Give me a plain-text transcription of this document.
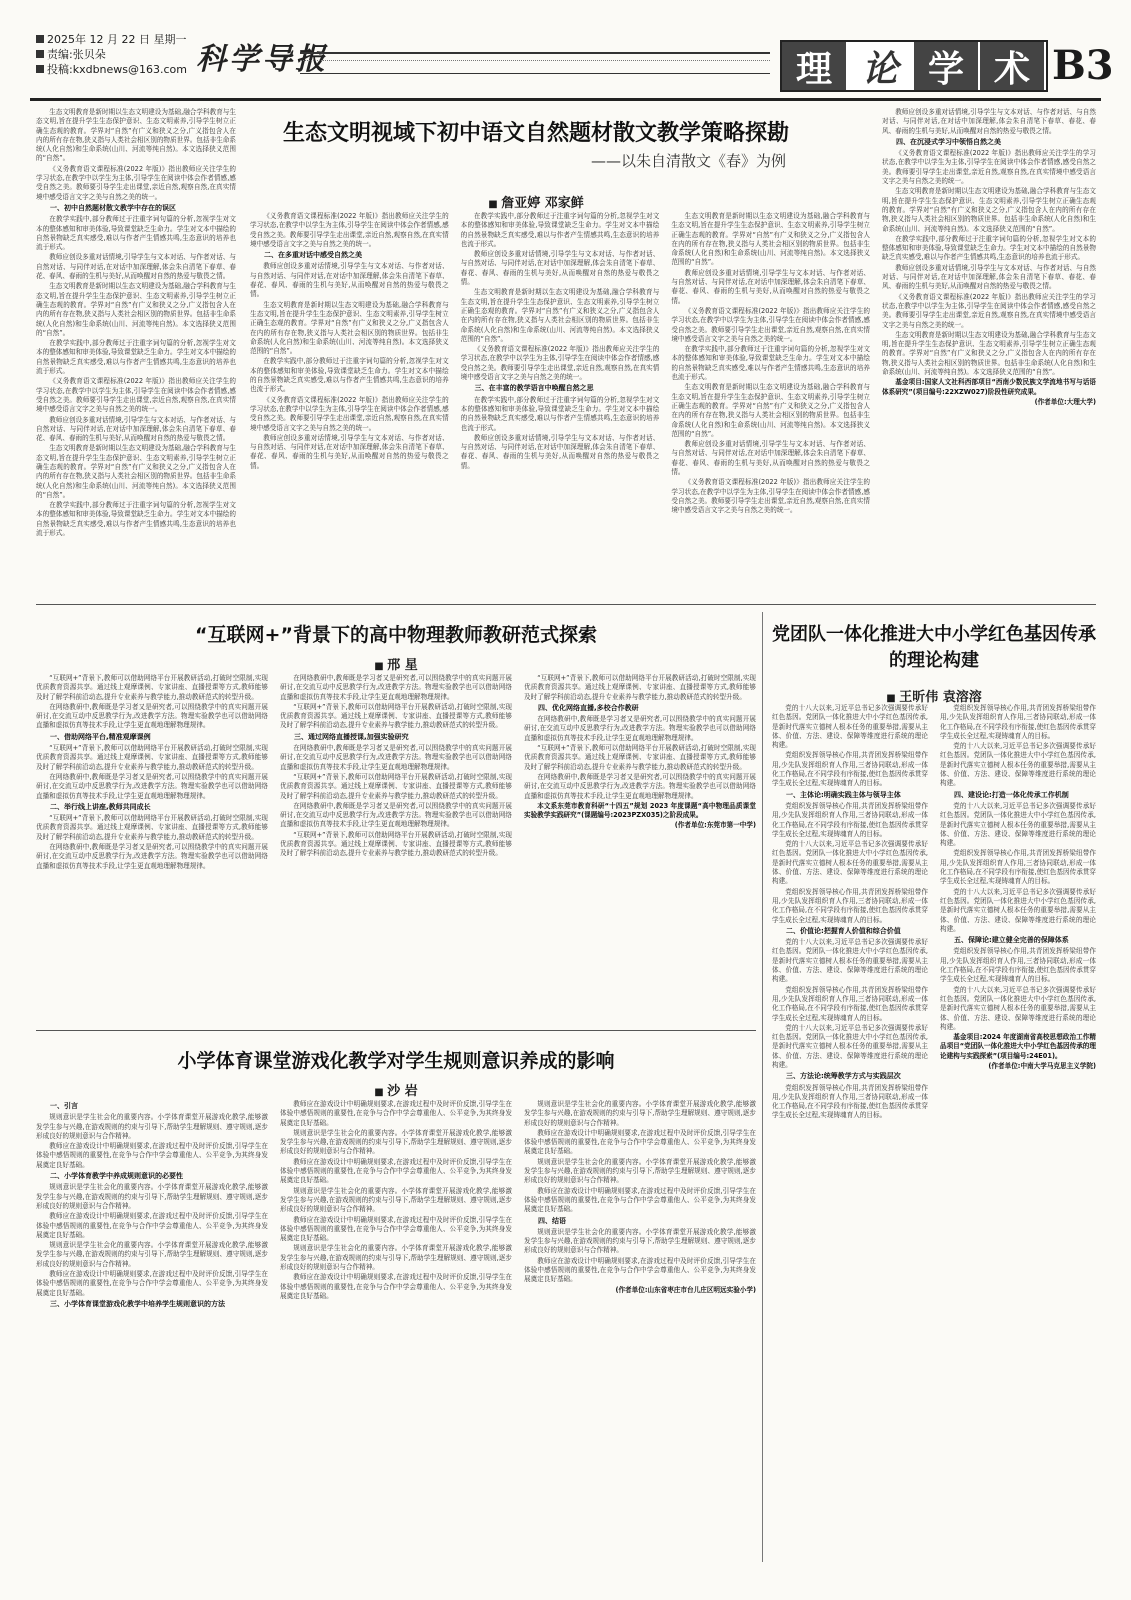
2025年 12 月 22 日 星期一
责编:张贝朵
投稿:kxdbnews@163.com 科学导报	理 论 学 术 B3
生态文明视域下初中语文自然题材散文教学策略探勘
——以朱自清散文《春》为例
■ 詹亚婷 邓家鲜

生态文明教育是新时期以生态文明建设为基础,融合学科教育与生态文明,旨在提升学生生态保护意识、生态文明素养,引导学生树立正确生态观的教育。学界对“自然”有广义和狭义之分,广义指包含人在内的所有存在物,狭义指与人类社会相区别的物质世界。包括非生命系统(人化自然)和生命系统(山川、河流等纯自然)。本文选择狭义范围的“自然”。

《义务教育语文课程标准(2022 年版)》指出教师应关注学生的学习状态,在教学中以学生为主体,引导学生在阅读中体会作者情感,感受自然之美。教师要引导学生走出课堂,亲近自然,观察自然,在真实情境中感受语言文字之美与自然之美的统一。

一、初中自然题材散文教学中存在的误区

在教学实践中,部分教师过于注重字词句篇的分析,忽视学生对文本的整体感知和审美体验,导致课堂缺乏生命力。学生对文本中描绘的自然景物缺乏真实感受,难以与作者产生情感共鸣,生态意识的培养也流于形式。

教师应创设多重对话情境,引导学生与文本对话、与作者对话、与自然对话、与同伴对话,在对话中加深理解,体会朱自清笔下春草、春花、春风、春雨的生机与美好,从而唤醒对自然的热爱与敬畏之情。

生态文明教育是新时期以生态文明建设为基础,融合学科教育与生态文明,旨在提升学生生态保护意识、生态文明素养,引导学生树立正确生态观的教育。学界对“自然”有广义和狭义之分,广义指包含人在内的所有存在物,狭义指与人类社会相区别的物质世界。包括非生命系统(人化自然)和生命系统(山川、河流等纯自然)。本文选择狭义范围的“自然”。

在教学实践中,部分教师过于注重字词句篇的分析,忽视学生对文本的整体感知和审美体验,导致课堂缺乏生命力。学生对文本中描绘的自然景物缺乏真实感受,难以与作者产生情感共鸣,生态意识的培养也流于形式。

《义务教育语文课程标准(2022 年版)》指出教师应关注学生的学习状态,在教学中以学生为主体,引导学生在阅读中体会作者情感,感受自然之美。教师要引导学生走出课堂,亲近自然,观察自然,在真实情境中感受语言文字之美与自然之美的统一。

教师应创设多重对话情境,引导学生与文本对话、与作者对话、与自然对话、与同伴对话,在对话中加深理解,体会朱自清笔下春草、春花、春风、春雨的生机与美好,从而唤醒对自然的热爱与敬畏之情。

生态文明教育是新时期以生态文明建设为基础,融合学科教育与生态文明,旨在提升学生生态保护意识、生态文明素养,引导学生树立正确生态观的教育。学界对“自然”有广义和狭义之分,广义指包含人在内的所有存在物,狭义指与人类社会相区别的物质世界。包括非生命系统(人化自然)和生命系统(山川、河流等纯自然)。本文选择狭义范围的“自然”。

在教学实践中,部分教师过于注重字词句篇的分析,忽视学生对文本的整体感知和审美体验,导致课堂缺乏生命力。学生对文本中描绘的自然景物缺乏真实感受,难以与作者产生情感共鸣,生态意识的培养也流于形式。

《义务教育语文课程标准(2022 年版)》指出教师应关注学生的学习状态,在教学中以学生为主体,引导学生在阅读中体会作者情感,感受自然之美。教师要引导学生走出课堂,亲近自然,观察自然,在真实情境中感受语言文字之美与自然之美的统一。

二、在多重对话中感受自然之美

教师应创设多重对话情境,引导学生与文本对话、与作者对话、与自然对话、与同伴对话,在对话中加深理解,体会朱自清笔下春草、春花、春风、春雨的生机与美好,从而唤醒对自然的热爱与敬畏之情。

生态文明教育是新时期以生态文明建设为基础,融合学科教育与生态文明,旨在提升学生生态保护意识、生态文明素养,引导学生树立正确生态观的教育。学界对“自然”有广义和狭义之分,广义指包含人在内的所有存在物,狭义指与人类社会相区别的物质世界。包括非生命系统(人化自然)和生命系统(山川、河流等纯自然)。本文选择狭义范围的“自然”。

在教学实践中,部分教师过于注重字词句篇的分析,忽视学生对文本的整体感知和审美体验,导致课堂缺乏生命力。学生对文本中描绘的自然景物缺乏真实感受,难以与作者产生情感共鸣,生态意识的培养也流于形式。

《义务教育语文课程标准(2022 年版)》指出教师应关注学生的学习状态,在教学中以学生为主体,引导学生在阅读中体会作者情感,感受自然之美。教师要引导学生走出课堂,亲近自然,观察自然,在真实情境中感受语言文字之美与自然之美的统一。

教师应创设多重对话情境,引导学生与文本对话、与作者对话、与自然对话、与同伴对话,在对话中加深理解,体会朱自清笔下春草、春花、春风、春雨的生机与美好,从而唤醒对自然的热爱与敬畏之情。

在教学实践中,部分教师过于注重字词句篇的分析,忽视学生对文本的整体感知和审美体验,导致课堂缺乏生命力。学生对文本中描绘的自然景物缺乏真实感受,难以与作者产生情感共鸣,生态意识的培养也流于形式。

教师应创设多重对话情境,引导学生与文本对话、与作者对话、与自然对话、与同伴对话,在对话中加深理解,体会朱自清笔下春草、春花、春风、春雨的生机与美好,从而唤醒对自然的热爱与敬畏之情。

生态文明教育是新时期以生态文明建设为基础,融合学科教育与生态文明,旨在提升学生生态保护意识、生态文明素养,引导学生树立正确生态观的教育。学界对“自然”有广义和狭义之分,广义指包含人在内的所有存在物,狭义指与人类社会相区别的物质世界。包括非生命系统(人化自然)和生命系统(山川、河流等纯自然)。本文选择狭义范围的“自然”。

《义务教育语文课程标准(2022 年版)》指出教师应关注学生的学习状态,在教学中以学生为主体,引导学生在阅读中体会作者情感,感受自然之美。教师要引导学生走出课堂,亲近自然,观察自然,在真实情境中感受语言文字之美与自然之美的统一。

三、在丰富的教学语言中唤醒自然之思

在教学实践中,部分教师过于注重字词句篇的分析,忽视学生对文本的整体感知和审美体验,导致课堂缺乏生命力。学生对文本中描绘的自然景物缺乏真实感受,难以与作者产生情感共鸣,生态意识的培养也流于形式。

教师应创设多重对话情境,引导学生与文本对话、与作者对话、与自然对话、与同伴对话,在对话中加深理解,体会朱自清笔下春草、春花、春风、春雨的生机与美好,从而唤醒对自然的热爱与敬畏之情。

生态文明教育是新时期以生态文明建设为基础,融合学科教育与生态文明,旨在提升学生生态保护意识、生态文明素养,引导学生树立正确生态观的教育。学界对“自然”有广义和狭义之分,广义指包含人在内的所有存在物,狭义指与人类社会相区别的物质世界。包括非生命系统(人化自然)和生命系统(山川、河流等纯自然)。本文选择狭义范围的“自然”。

教师应创设多重对话情境,引导学生与文本对话、与作者对话、与自然对话、与同伴对话,在对话中加深理解,体会朱自清笔下春草、春花、春风、春雨的生机与美好,从而唤醒对自然的热爱与敬畏之情。

《义务教育语文课程标准(2022 年版)》指出教师应关注学生的学习状态,在教学中以学生为主体,引导学生在阅读中体会作者情感,感受自然之美。教师要引导学生走出课堂,亲近自然,观察自然,在真实情境中感受语言文字之美与自然之美的统一。

在教学实践中,部分教师过于注重字词句篇的分析,忽视学生对文本的整体感知和审美体验,导致课堂缺乏生命力。学生对文本中描绘的自然景物缺乏真实感受,难以与作者产生情感共鸣,生态意识的培养也流于形式。

生态文明教育是新时期以生态文明建设为基础,融合学科教育与生态文明,旨在提升学生生态保护意识、生态文明素养,引导学生树立正确生态观的教育。学界对“自然”有广义和狭义之分,广义指包含人在内的所有存在物,狭义指与人类社会相区别的物质世界。包括非生命系统(人化自然)和生命系统(山川、河流等纯自然)。本文选择狭义范围的“自然”。

教师应创设多重对话情境,引导学生与文本对话、与作者对话、与自然对话、与同伴对话,在对话中加深理解,体会朱自清笔下春草、春花、春风、春雨的生机与美好,从而唤醒对自然的热爱与敬畏之情。

《义务教育语文课程标准(2022 年版)》指出教师应关注学生的学习状态,在教学中以学生为主体,引导学生在阅读中体会作者情感,感受自然之美。教师要引导学生走出课堂,亲近自然,观察自然,在真实情境中感受语言文字之美与自然之美的统一。

教师应创设多重对话情境,引导学生与文本对话、与作者对话、与自然对话、与同伴对话,在对话中加深理解,体会朱自清笔下春草、春花、春风、春雨的生机与美好,从而唤醒对自然的热爱与敬畏之情。

四、在沉浸式学习中领悟自然之美

《义务教育语文课程标准(2022 年版)》指出教师应关注学生的学习状态,在教学中以学生为主体,引导学生在阅读中体会作者情感,感受自然之美。教师要引导学生走出课堂,亲近自然,观察自然,在真实情境中感受语言文字之美与自然之美的统一。

生态文明教育是新时期以生态文明建设为基础,融合学科教育与生态文明,旨在提升学生生态保护意识、生态文明素养,引导学生树立正确生态观的教育。学界对“自然”有广义和狭义之分,广义指包含人在内的所有存在物,狭义指与人类社会相区别的物质世界。包括非生命系统(人化自然)和生命系统(山川、河流等纯自然)。本文选择狭义范围的“自然”。

在教学实践中,部分教师过于注重字词句篇的分析,忽视学生对文本的整体感知和审美体验,导致课堂缺乏生命力。学生对文本中描绘的自然景物缺乏真实感受,难以与作者产生情感共鸣,生态意识的培养也流于形式。

教师应创设多重对话情境,引导学生与文本对话、与作者对话、与自然对话、与同伴对话,在对话中加深理解,体会朱自清笔下春草、春花、春风、春雨的生机与美好,从而唤醒对自然的热爱与敬畏之情。

《义务教育语文课程标准(2022 年版)》指出教师应关注学生的学习状态,在教学中以学生为主体,引导学生在阅读中体会作者情感,感受自然之美。教师要引导学生走出课堂,亲近自然,观察自然,在真实情境中感受语言文字之美与自然之美的统一。

生态文明教育是新时期以生态文明建设为基础,融合学科教育与生态文明,旨在提升学生生态保护意识、生态文明素养,引导学生树立正确生态观的教育。学界对“自然”有广义和狭义之分,广义指包含人在内的所有存在物,狭义指与人类社会相区别的物质世界。包括非生命系统(人化自然)和生命系统(山川、河流等纯自然)。本文选择狭义范围的“自然”。

基金项目:国家人文社科西部项目“西南少数民族文学流地书写与话语体系研究”(项目编号:22XZW027)阶段性研究成果。

(作者单位:大理大学)

“互联网+”背景下的高中物理教师教研范式探索
■ 邢 星

“互联网+”背景下,教师可以借助网络平台开展教研活动,打破时空限制,实现优质教育资源共享。通过线上观摩课例、专家讲座、直播授课等方式,教师能够及时了解学科前沿动态,提升专业素养与教学能力,推动教研范式的转型升级。

在网络教研中,教师既是学习者又是研究者,可以围绕教学中的真实问题开展研讨,在交流互动中反思教学行为,改进教学方法。物理实验教学也可以借助网络直播和虚拟仿真等技术手段,让学生更直观地理解物理规律。

一、借助网络平台,精准观摩课例

“互联网+”背景下,教师可以借助网络平台开展教研活动,打破时空限制,实现优质教育资源共享。通过线上观摩课例、专家讲座、直播授课等方式,教师能够及时了解学科前沿动态,提升专业素养与教学能力,推动教研范式的转型升级。

在网络教研中,教师既是学习者又是研究者,可以围绕教学中的真实问题开展研讨,在交流互动中反思教学行为,改进教学方法。物理实验教学也可以借助网络直播和虚拟仿真等技术手段,让学生更直观地理解物理规律。

二、举行线上讲座,教师共同成长

“互联网+”背景下,教师可以借助网络平台开展教研活动,打破时空限制,实现优质教育资源共享。通过线上观摩课例、专家讲座、直播授课等方式,教师能够及时了解学科前沿动态,提升专业素养与教学能力,推动教研范式的转型升级。

在网络教研中,教师既是学习者又是研究者,可以围绕教学中的真实问题开展研讨,在交流互动中反思教学行为,改进教学方法。物理实验教学也可以借助网络直播和虚拟仿真等技术手段,让学生更直观地理解物理规律。

在网络教研中,教师既是学习者又是研究者,可以围绕教学中的真实问题开展研讨,在交流互动中反思教学行为,改进教学方法。物理实验教学也可以借助网络直播和虚拟仿真等技术手段,让学生更直观地理解物理规律。

“互联网+”背景下,教师可以借助网络平台开展教研活动,打破时空限制,实现优质教育资源共享。通过线上观摩课例、专家讲座、直播授课等方式,教师能够及时了解学科前沿动态,提升专业素养与教学能力,推动教研范式的转型升级。

三、通过网络直播授课,加强实验研究

在网络教研中,教师既是学习者又是研究者,可以围绕教学中的真实问题开展研讨,在交流互动中反思教学行为,改进教学方法。物理实验教学也可以借助网络直播和虚拟仿真等技术手段,让学生更直观地理解物理规律。

“互联网+”背景下,教师可以借助网络平台开展教研活动,打破时空限制,实现优质教育资源共享。通过线上观摩课例、专家讲座、直播授课等方式,教师能够及时了解学科前沿动态,提升专业素养与教学能力,推动教研范式的转型升级。

在网络教研中,教师既是学习者又是研究者,可以围绕教学中的真实问题开展研讨,在交流互动中反思教学行为,改进教学方法。物理实验教学也可以借助网络直播和虚拟仿真等技术手段,让学生更直观地理解物理规律。

“互联网+”背景下,教师可以借助网络平台开展教研活动,打破时空限制,实现优质教育资源共享。通过线上观摩课例、专家讲座、直播授课等方式,教师能够及时了解学科前沿动态,提升专业素养与教学能力,推动教研范式的转型升级。

“互联网+”背景下,教师可以借助网络平台开展教研活动,打破时空限制,实现优质教育资源共享。通过线上观摩课例、专家讲座、直播授课等方式,教师能够及时了解学科前沿动态,提升专业素养与教学能力,推动教研范式的转型升级。

四、优化网络直播,多校合作教研

在网络教研中,教师既是学习者又是研究者,可以围绕教学中的真实问题开展研讨,在交流互动中反思教学行为,改进教学方法。物理实验教学也可以借助网络直播和虚拟仿真等技术手段,让学生更直观地理解物理规律。

“互联网+”背景下,教师可以借助网络平台开展教研活动,打破时空限制,实现优质教育资源共享。通过线上观摩课例、专家讲座、直播授课等方式,教师能够及时了解学科前沿动态,提升专业素养与教学能力,推动教研范式的转型升级。

在网络教研中,教师既是学习者又是研究者,可以围绕教学中的真实问题开展研讨,在交流互动中反思教学行为,改进教学方法。物理实验教学也可以借助网络直播和虚拟仿真等技术手段,让学生更直观地理解物理规律。

本文系东莞市教育科研“十四五”规划 2023 年度课题“高中物理品质课堂实验教学实践研究”(课题编号:2023PZX035)之阶段成果。

(作者单位:东莞市第一中学)

党团队一体化推进大中小学红色基因传承的理论构建
■ 王昕伟 袁溶溶

党的十八大以来,习近平总书记多次强调要传承好红色基因。党团队一体化推进大中小学红色基因传承,是新时代落实立德树人根本任务的重要举措,需要从主体、价值、方法、建设、保障等维度进行系统的理论构建。

党组织发挥领导核心作用,共青团发挥桥梁纽带作用,少先队发挥组织育人作用,三者协同联动,形成一体化工作格局,在不同学段有序衔接,使红色基因传承贯穿学生成长全过程,实现铸魂育人的目标。

一、主体论:明确实践主体与领导主体

党组织发挥领导核心作用,共青团发挥桥梁纽带作用,少先队发挥组织育人作用,三者协同联动,形成一体化工作格局,在不同学段有序衔接,使红色基因传承贯穿学生成长全过程,实现铸魂育人的目标。

党的十八大以来,习近平总书记多次强调要传承好红色基因。党团队一体化推进大中小学红色基因传承,是新时代落实立德树人根本任务的重要举措,需要从主体、价值、方法、建设、保障等维度进行系统的理论构建。

党组织发挥领导核心作用,共青团发挥桥梁纽带作用,少先队发挥组织育人作用,三者协同联动,形成一体化工作格局,在不同学段有序衔接,使红色基因传承贯穿学生成长全过程,实现铸魂育人的目标。

二、价值论:把握育人价值和综合价值

党的十八大以来,习近平总书记多次强调要传承好红色基因。党团队一体化推进大中小学红色基因传承,是新时代落实立德树人根本任务的重要举措,需要从主体、价值、方法、建设、保障等维度进行系统的理论构建。

党组织发挥领导核心作用,共青团发挥桥梁纽带作用,少先队发挥组织育人作用,三者协同联动,形成一体化工作格局,在不同学段有序衔接,使红色基因传承贯穿学生成长全过程,实现铸魂育人的目标。

党的十八大以来,习近平总书记多次强调要传承好红色基因。党团队一体化推进大中小学红色基因传承,是新时代落实立德树人根本任务的重要举措,需要从主体、价值、方法、建设、保障等维度进行系统的理论构建。

三、方法论:统筹教学方式与实践层次

党组织发挥领导核心作用,共青团发挥桥梁纽带作用,少先队发挥组织育人作用,三者协同联动,形成一体化工作格局,在不同学段有序衔接,使红色基因传承贯穿学生成长全过程,实现铸魂育人的目标。

党组织发挥领导核心作用,共青团发挥桥梁纽带作用,少先队发挥组织育人作用,三者协同联动,形成一体化工作格局,在不同学段有序衔接,使红色基因传承贯穿学生成长全过程,实现铸魂育人的目标。

党的十八大以来,习近平总书记多次强调要传承好红色基因。党团队一体化推进大中小学红色基因传承,是新时代落实立德树人根本任务的重要举措,需要从主体、价值、方法、建设、保障等维度进行系统的理论构建。

四、建设论:打造一体化传承工作机制

党的十八大以来,习近平总书记多次强调要传承好红色基因。党团队一体化推进大中小学红色基因传承,是新时代落实立德树人根本任务的重要举措,需要从主体、价值、方法、建设、保障等维度进行系统的理论构建。

党组织发挥领导核心作用,共青团发挥桥梁纽带作用,少先队发挥组织育人作用,三者协同联动,形成一体化工作格局,在不同学段有序衔接,使红色基因传承贯穿学生成长全过程,实现铸魂育人的目标。

党的十八大以来,习近平总书记多次强调要传承好红色基因。党团队一体化推进大中小学红色基因传承,是新时代落实立德树人根本任务的重要举措,需要从主体、价值、方法、建设、保障等维度进行系统的理论构建。

五、保障论:建立健全完善的保障体系

党组织发挥领导核心作用,共青团发挥桥梁纽带作用,少先队发挥组织育人作用,三者协同联动,形成一体化工作格局,在不同学段有序衔接,使红色基因传承贯穿学生成长全过程,实现铸魂育人的目标。

党的十八大以来,习近平总书记多次强调要传承好红色基因。党团队一体化推进大中小学红色基因传承,是新时代落实立德树人根本任务的重要举措,需要从主体、价值、方法、建设、保障等维度进行系统的理论构建。

基金项目:2024 年度湖南省高校思想政治工作精品项目“党团队一体化推进大中小学红色基因传承的理论建构与实践探索”(项目编号:24E01)。

(作者单位:中南大学马克思主义学院)

小学体育课堂游戏化教学对学生规则意识养成的影响
■ 沙 岩
一、引言

规则意识是学生社会化的重要内容。小学体育课堂开展游戏化教学,能够激发学生参与兴趣,在游戏规则的约束与引导下,帮助学生理解规则、遵守规则,逐步形成良好的规则意识与合作精神。

教师应在游戏设计中明确规则要求,在游戏过程中及时评价反馈,引导学生在体验中感悟规则的重要性,在竞争与合作中学会尊重他人、公平竞争,为其终身发展奠定良好基础。

二、小学体育教学中养成规则意识的必要性

规则意识是学生社会化的重要内容。小学体育课堂开展游戏化教学,能够激发学生参与兴趣,在游戏规则的约束与引导下,帮助学生理解规则、遵守规则,逐步形成良好的规则意识与合作精神。

教师应在游戏设计中明确规则要求,在游戏过程中及时评价反馈,引导学生在体验中感悟规则的重要性,在竞争与合作中学会尊重他人、公平竞争,为其终身发展奠定良好基础。

规则意识是学生社会化的重要内容。小学体育课堂开展游戏化教学,能够激发学生参与兴趣,在游戏规则的约束与引导下,帮助学生理解规则、遵守规则,逐步形成良好的规则意识与合作精神。

教师应在游戏设计中明确规则要求,在游戏过程中及时评价反馈,引导学生在体验中感悟规则的重要性,在竞争与合作中学会尊重他人、公平竞争,为其终身发展奠定良好基础。

三、小学体育课堂游戏化教学中培养学生规则意识的方法

教师应在游戏设计中明确规则要求,在游戏过程中及时评价反馈,引导学生在体验中感悟规则的重要性,在竞争与合作中学会尊重他人、公平竞争,为其终身发展奠定良好基础。

规则意识是学生社会化的重要内容。小学体育课堂开展游戏化教学,能够激发学生参与兴趣,在游戏规则的约束与引导下,帮助学生理解规则、遵守规则,逐步形成良好的规则意识与合作精神。

教师应在游戏设计中明确规则要求,在游戏过程中及时评价反馈,引导学生在体验中感悟规则的重要性,在竞争与合作中学会尊重他人、公平竞争,为其终身发展奠定良好基础。

规则意识是学生社会化的重要内容。小学体育课堂开展游戏化教学,能够激发学生参与兴趣,在游戏规则的约束与引导下,帮助学生理解规则、遵守规则,逐步形成良好的规则意识与合作精神。

教师应在游戏设计中明确规则要求,在游戏过程中及时评价反馈,引导学生在体验中感悟规则的重要性,在竞争与合作中学会尊重他人、公平竞争,为其终身发展奠定良好基础。

规则意识是学生社会化的重要内容。小学体育课堂开展游戏化教学,能够激发学生参与兴趣,在游戏规则的约束与引导下,帮助学生理解规则、遵守规则,逐步形成良好的规则意识与合作精神。

教师应在游戏设计中明确规则要求,在游戏过程中及时评价反馈,引导学生在体验中感悟规则的重要性,在竞争与合作中学会尊重他人、公平竞争,为其终身发展奠定良好基础。

规则意识是学生社会化的重要内容。小学体育课堂开展游戏化教学,能够激发学生参与兴趣,在游戏规则的约束与引导下,帮助学生理解规则、遵守规则,逐步形成良好的规则意识与合作精神。

教师应在游戏设计中明确规则要求,在游戏过程中及时评价反馈,引导学生在体验中感悟规则的重要性,在竞争与合作中学会尊重他人、公平竞争,为其终身发展奠定良好基础。

规则意识是学生社会化的重要内容。小学体育课堂开展游戏化教学,能够激发学生参与兴趣,在游戏规则的约束与引导下,帮助学生理解规则、遵守规则,逐步形成良好的规则意识与合作精神。

教师应在游戏设计中明确规则要求,在游戏过程中及时评价反馈,引导学生在体验中感悟规则的重要性,在竞争与合作中学会尊重他人、公平竞争,为其终身发展奠定良好基础。

四、结语

规则意识是学生社会化的重要内容。小学体育课堂开展游戏化教学,能够激发学生参与兴趣,在游戏规则的约束与引导下,帮助学生理解规则、遵守规则,逐步形成良好的规则意识与合作精神。

教师应在游戏设计中明确规则要求,在游戏过程中及时评价反馈,引导学生在体验中感悟规则的重要性,在竞争与合作中学会尊重他人、公平竞争,为其终身发展奠定良好基础。

(作者单位:山东省枣庄市台儿庄区明远实验小学)
